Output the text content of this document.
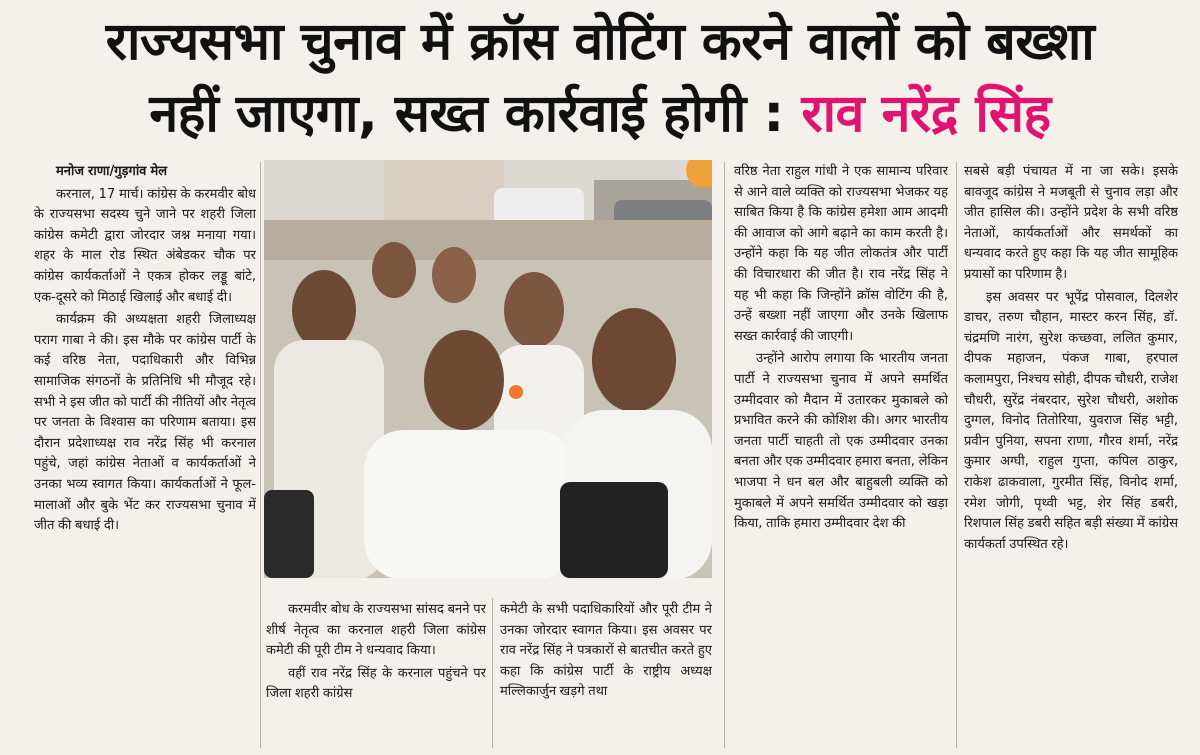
राज्यसभा चुनाव में क्रॉस वोटिंग करने वालों को बख्शा
नहीं जाएगा, सख्त कार्रवाई होगी : राव नरेंद्र सिंह

मनोज राणा/गुड़गांव मेल

करनाल, 17 मार्च। कांग्रेस के करमवीर बोध के राज्यसभा सदस्य चुने जाने पर शहरी जिला कांग्रेस कमेटी द्वारा जोरदार जश्न मनाया गया। शहर के माल रोड स्थित अंबेडकर चौक पर कांग्रेस कार्यकर्ताओं ने एकत्र होकर लड्डू बांटे, एक-दूसरे को मिठाई खिलाई और बधाई दी।

कार्यक्रम की अध्यक्षता शहरी जिलाध्यक्ष पराग गाबा ने की। इस मौके पर कांग्रेस पार्टी के कई वरिष्ठ नेता, पदाधिकारी और विभिन्न सामाजिक संगठनों के प्रतिनिधि भी मौजूद रहे। सभी ने इस जीत को पार्टी की नीतियों और नेतृत्व पर जनता के विश्वास का परिणाम बताया। इस दौरान प्रदेशाध्यक्ष राव नरेंद्र सिंह भी करनाल पहुंचे, जहां कांग्रेस नेताओं व कार्यकर्ताओं ने उनका भव्य स्वागत किया। कार्यकर्ताओं ने फूल-मालाओं और बुके भेंट कर राज्यसभा चुनाव में जीत की बधाई दी।

करमवीर बोध के राज्यसभा सांसद बनने पर शीर्ष नेतृत्व का करनाल शहरी जिला कांग्रेस कमेटी की पूरी टीम ने धन्यवाद किया।

वहीं राव नरेंद्र सिंह के करनाल पहुंचने पर जिला शहरी कांग्रेस

कमेटी के सभी पदाधिकारियों और पूरी टीम ने उनका जोरदार स्वागत किया। इस अवसर पर राव नरेंद्र सिंह ने पत्रकारों से बातचीत करते हुए कहा कि कांग्रेस पार्टी के राष्ट्रीय अध्यक्ष मल्लिकार्जुन खड़गे तथा

वरिष्ठ नेता राहुल गांधी ने एक सामान्य परिवार से आने वाले व्यक्ति को राज्यसभा भेजकर यह साबित किया है कि कांग्रेस हमेशा आम आदमी की आवाज को आगे बढ़ाने का काम करती है। उन्होंने कहा कि यह जीत लोकतंत्र और पार्टी की विचारधारा की जीत है। राव नरेंद्र सिंह ने यह भी कहा कि जिन्होंने क्रॉस वोटिंग की है, उन्हें बख्शा नहीं जाएगा और उनके खिलाफ सख्त कार्रवाई की जाएगी।

उन्होंने आरोप लगाया कि भारतीय जनता पार्टी ने राज्यसभा चुनाव में अपने समर्थित उम्मीदवार को मैदान में उतारकर मुकाबले को प्रभावित करने की कोशिश की। अगर भारतीय जनता पार्टी चाहती तो एक उम्मीदवार उनका बनता और एक उम्मीदवार हमारा बनता, लेकिन भाजपा ने धन बल और बाहुबली व्यक्ति को मुकाबले में अपने समर्थित उम्मीदवार को खड़ा किया, ताकि हमारा उम्मीदवार देश की

सबसे बड़ी पंचायत में ना जा सके। इसके बावजूद कांग्रेस ने मजबूती से चुनाव लड़ा और जीत हासिल की। उन्होंने प्रदेश के सभी वरिष्ठ नेताओं, कार्यकर्ताओं और समर्थकों का धन्यवाद करते हुए कहा कि यह जीत सामूहिक प्रयासों का परिणाम है।

इस अवसर पर भूपेंद्र पोसवाल, दिलशेर डाचर, तरुण चौहान, मास्टर करन सिंह, डॉ. चंद्रमणि नारंग, सुरेश कच्छवा, ललित कुमार, दीपक महाजन, पंकज गाबा, हरपाल कलामपुरा, निश्चय सोही, दीपक चौधरी, राजेश चौधरी, सुरेंद्र नंबरदार, सुरेश चौधरी, अशोक दुग्गल, विनोद तितोरिया, युवराज सिंह भट्टी, प्रवीन पुनिया, सपना राणा, गौरव शर्मा, नरेंद्र कुमार अग्घी, राहुल गुप्ता, कपिल ठाकुर, राकेश ढाकवाला, गुरमीत सिंह, विनोद शर्मा, रमेश जोगी, पृथ्वी भट्ट, शेर सिंह डबरी, रिशपाल सिंह डबरी सहित बड़ी संख्या में कांग्रेस कार्यकर्ता उपस्थित रहे।
